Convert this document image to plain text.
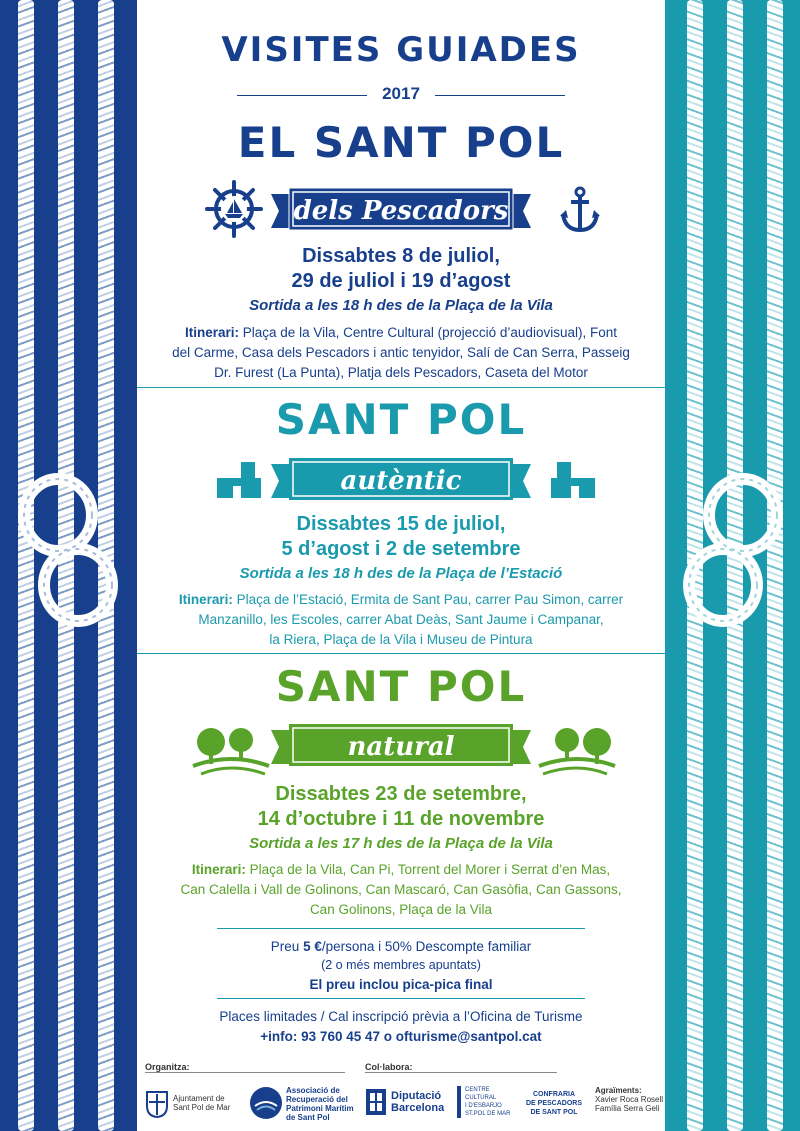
VISITES GUIADES
2017
EL SANT POL
dels Pescadors
Dissabtes 8 de juliol,
29 de juliol i 19 d’agost
Sortida a les 18 h des de la Plaça de la Vila
Itinerari: Plaça de la Vila, Centre Cultural (projecció d’audiovisual), Font
del Carme, Casa dels Pescadors i antic tenyidor, Salí de Can Serra, Passeig
Dr. Furest (La Punta), Platja dels Pescadors, Caseta del Motor
SANT POL
autèntic
Dissabtes 15 de juliol,
5 d’agost i 2 de setembre
Sortida a les 18 h des de la Plaça de l’Estació
Itinerari: Plaça de l’Estació, Ermita de Sant Pau, carrer Pau Simon, carrer
Manzanillo, les Escoles, carrer Abat Deàs, Sant Jaume i Campanar,
la Riera, Plaça de la Vila i Museu de Pintura
SANT POL
natural
Dissabtes 23 de setembre,
14 d’octubre i 11 de novembre
Sortida a les 17 h des de la Plaça de la Vila
Itinerari: Plaça de la Vila, Can Pi, Torrent del Morer i Serrat d’en Mas,
Can Calella i Vall de Golinons, Can Mascaró, Can Gasòfia, Can Gassons,
Can Golinons, Plaça de la Vila
Preu 5 €/persona i 50% Descompte familiar
(2 o més membres apuntats)
El preu inclou pica-pica final
Places limitades / Cal inscripció prèvia a l’Oficina de Turisme
+info: 93 760 45 47 o ofturisme@santpol.cat
Organitza:	Col·labora:
Ajuntament de
Sant Pol de Mar
Associació de
Recuperació del
Patrimoni Marítim
de Sant Pol
Diputació
Barcelona
CENTRE
CULTURAL
I D'ESBARJO
ST.POL DE MAR
CONFRARIA
DE PESCADORS
DE SANT POL
Agraïments:
Xavier Roca Rosell
Família Serra Geli
